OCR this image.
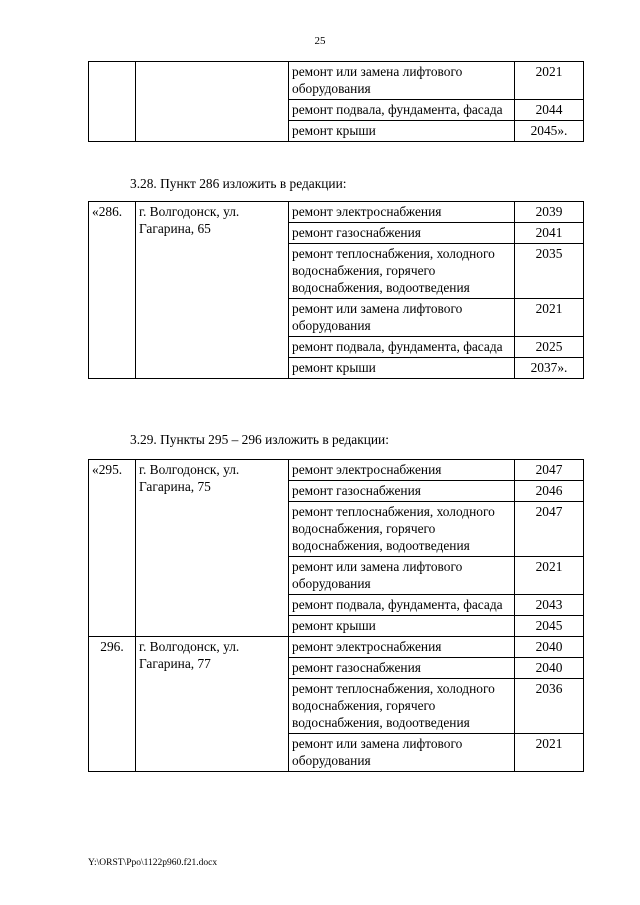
25
		ремонт или замена лифтового оборудования	2021
		ремонт подвала, фундамента, фасада	2044
		ремонт крыши	2045».
3.28. Пункт 286 изложить в редакции:
«286.	г. Волгодонск, ул. Гагарина, 65	ремонт электроснабжения	2039
		ремонт газоснабжения	2041
		ремонт теплоснабжения, холодного водоснабжения, горячего водоснабжения, водоотведения	2035
		ремонт или замена лифтового оборудования	2021
		ремонт подвала, фундамента, фасада	2025
		ремонт крыши	2037».
3.29. Пункты 295 – 296 изложить в редакции:
«295.	г. Волгодонск, ул. Гагарина, 75	ремонт электроснабжения	2047
		ремонт газоснабжения	2046
		ремонт теплоснабжения, холодного водоснабжения, горячего водоснабжения, водоотведения	2047
		ремонт или замена лифтового оборудования	2021
		ремонт подвала, фундамента, фасада	2043
		ремонт крыши	2045
296.	г. Волгодонск, ул. Гагарина, 77	ремонт электроснабжения	2040
		ремонт газоснабжения	2040
		ремонт теплоснабжения, холодного водоснабжения, горячего водоснабжения, водоотведения	2036
		ремонт или замена лифтового оборудования	2021
Y:\ORST\Ppo\1122p960.f21.docx
